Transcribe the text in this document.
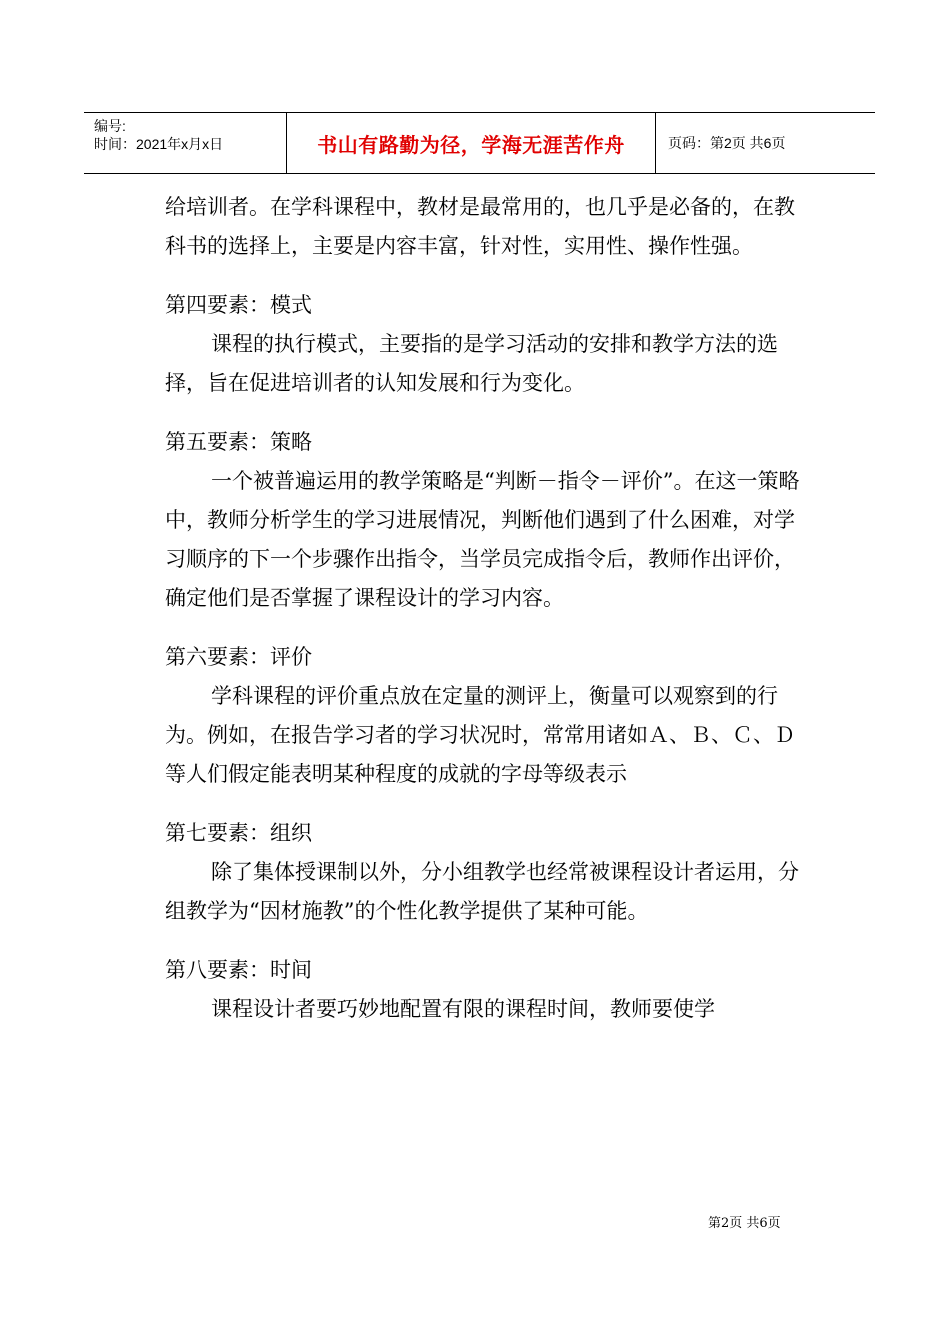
编号:
时间：2021年x月x日	书山有路勤为径，学海无涯苦作舟	页码：第2页 共6页

给培训者。在学科课程中，教材是最常用的，也几乎是必备的，在教科书的选择上，主要是内容丰富，针对性，实用性、操作性强。

第四要素：模式

课程的执行模式，主要指的是学习活动的安排和教学方法的选择，旨在促进培训者的认知发展和行为变化。

第五要素：策略

一个被普遍运用的教学策略是“判断－指令－评价”。在这一策略中，教师分析学生的学习进展情况，判断他们遇到了什么困难，对学习顺序的下一个步骤作出指令，当学员完成指令后，教师作出评价，确定他们是否掌握了课程设计的学习内容。

第六要素：评价

学科课程的评价重点放在定量的测评上，衡量可以观察到的行为。例如，在报告学习者的学习状况时，常常用诸如Ａ、Ｂ、Ｃ、Ｄ等人们假定能表明某种程度的成就的字母等级表示

第七要素：组织

除了集体授课制以外，分小组教学也经常被课程设计者运用，分组教学为“因材施教”的个性化教学提供了某种可能。

第八要素：时间

课程设计者要巧妙地配置有限的课程时间，教师要使学

第2页 共6页
